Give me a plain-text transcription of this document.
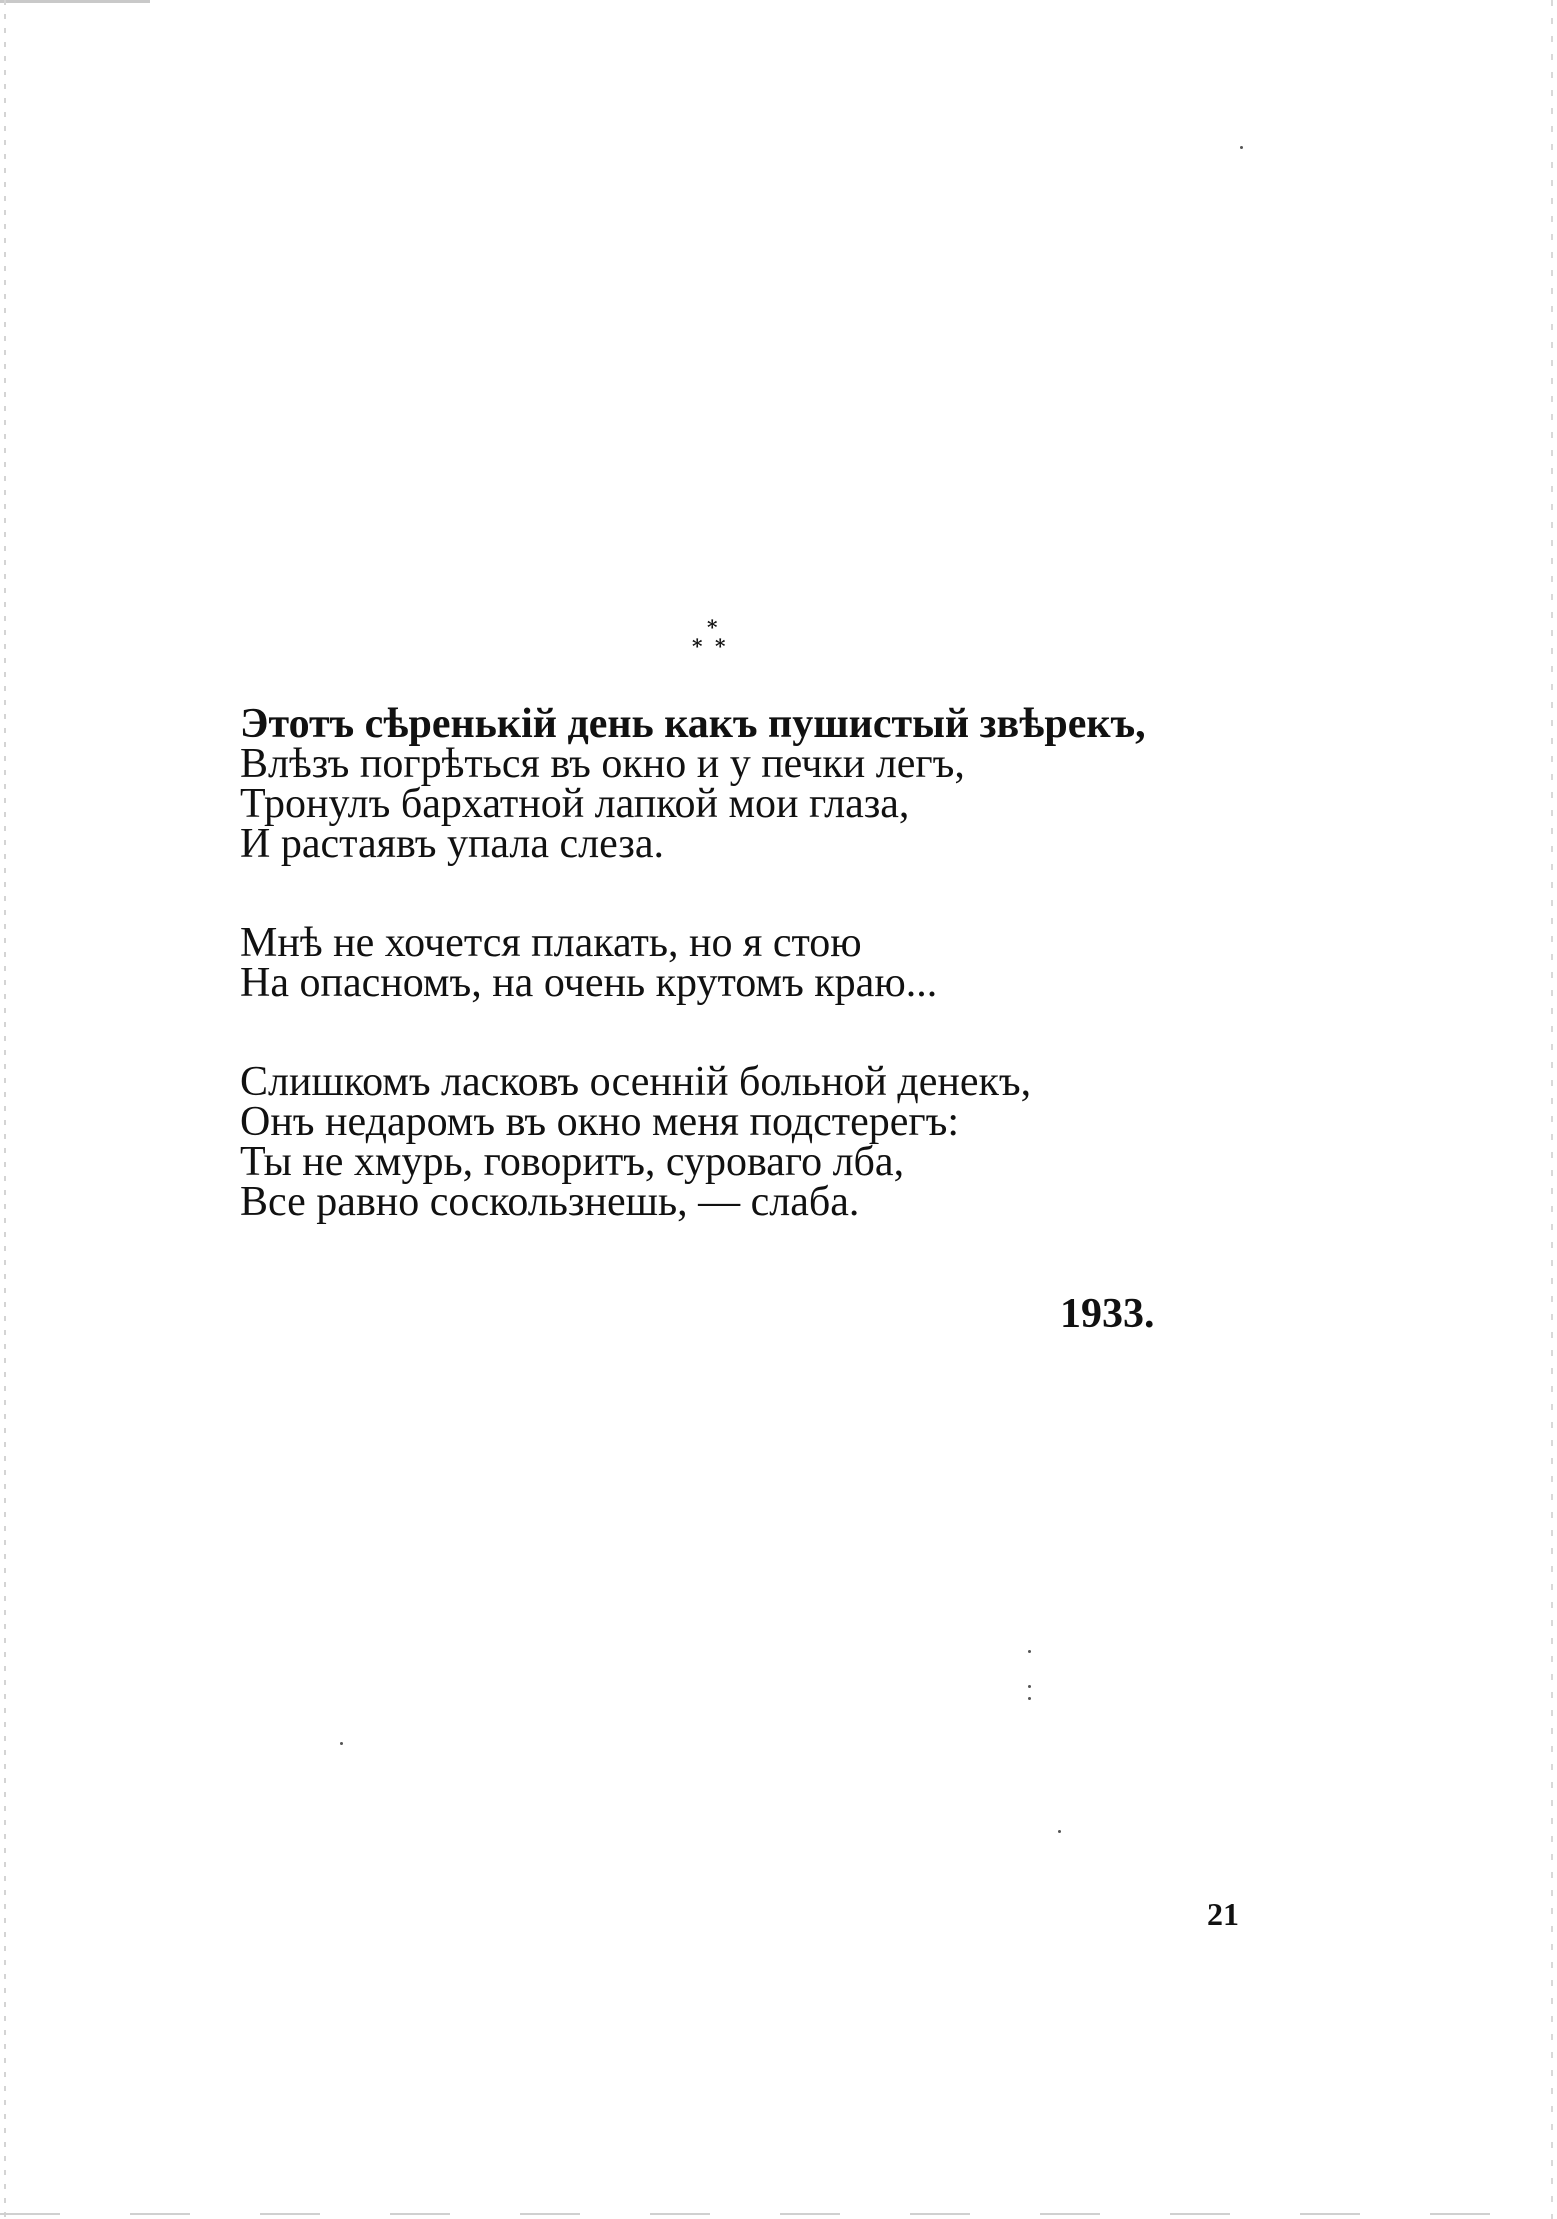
*
* *
Этотъ сѣренькій день какъ пушистый звѣрекъ,
Влѣзъ погрѣться въ окно и у печки легъ,
Тронулъ бархатной лапкой мои глаза,
И растаявъ упала слеза.
Мнѣ не хочется плакать, но я стою
На опасномъ, на очень крутомъ краю...
Слишкомъ ласковъ осенній больной денекъ,
Онъ недаромъ въ окно меня подстерегъ:
Ты не хмурь, говоритъ, суроваго лба,
Все равно соскользнешь, — слаба.
1933.
21
